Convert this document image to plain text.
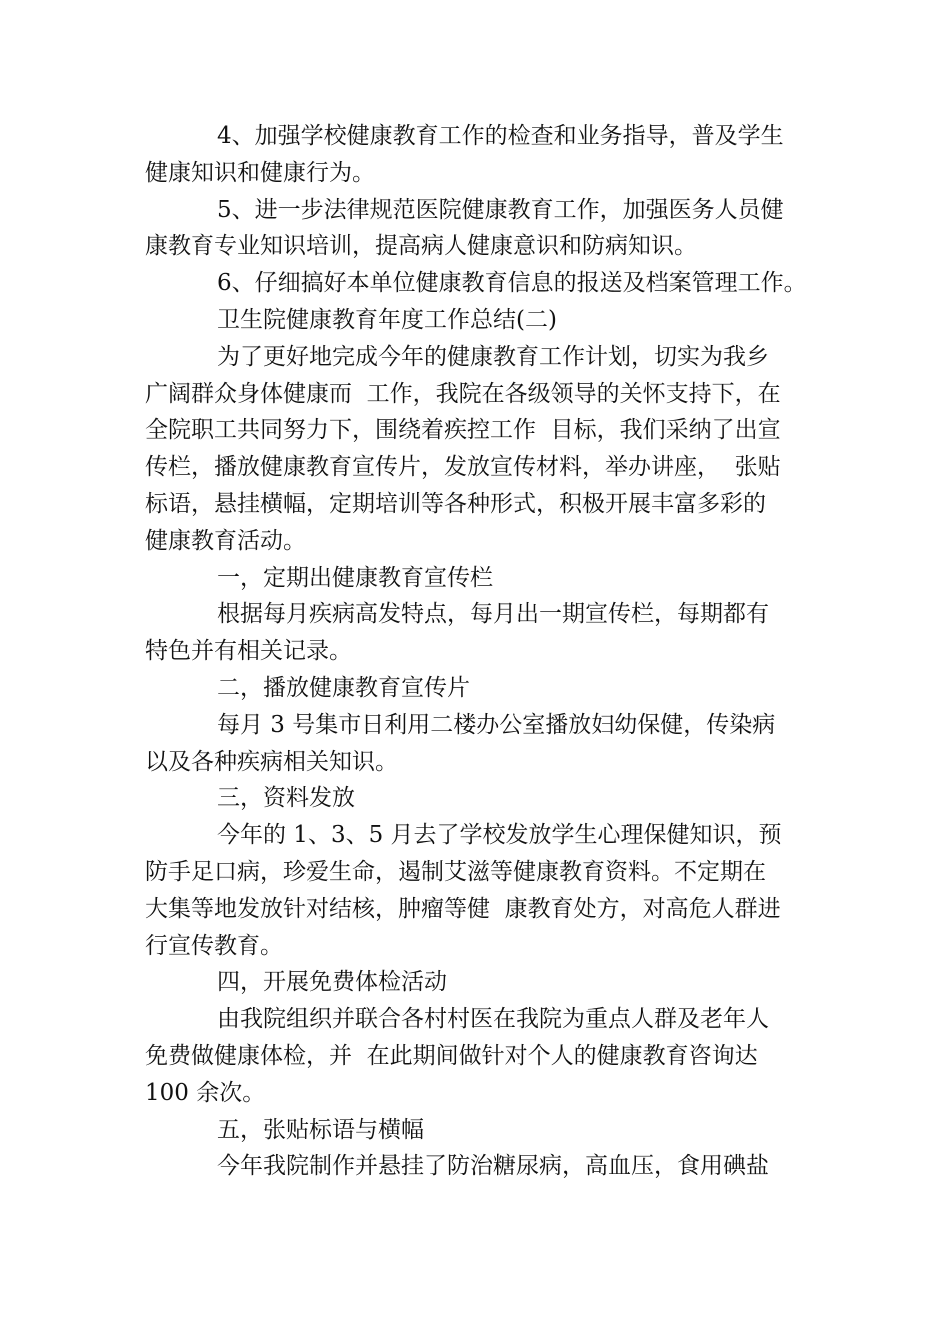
4、加强学校健康教育工作的检查和业务指导，普及学生
健康知识和健康行为。
5、进一步法律规范医院健康教育工作，加强医务人员健
康教育专业知识培训，提高病人健康意识和防病知识。
6、仔细搞好本单位健康教育信息的报送及档案管理工作。
卫生院健康教育年度工作总结(二)
为了更好地完成今年的健康教育工作计划，切实为我乡
广阔群众身体健康而  工作，我院在各级领导的关怀支持下，在
全院职工共同努力下，围绕着疾控工作  目标，我们采纳了出宣
传栏，播放健康教育宣传片，发放宣传材料，举办讲座，  张贴
标语，悬挂横幅，定期培训等各种形式，积极开展丰富多彩的
健康教育活动。
一，定期出健康教育宣传栏
根据每月疾病高发特点，每月出一期宣传栏，每期都有
特色并有相关记录。
二，播放健康教育宣传片
每月 3 号集市日利用二楼办公室播放妇幼保健，传染病
以及各种疾病相关知识。
三，资料发放
今年的 1、3、5 月去了学校发放学生心理保健知识，预
防手足口病，珍爱生命，遏制艾滋等健康教育资料。不定期在
大集等地发放针对结核，肿瘤等健  康教育处方，对高危人群进
行宣传教育。
四，开展免费体检活动
由我院组织并联合各村村医在我院为重点人群及老年人
免费做健康体检，并  在此期间做针对个人的健康教育咨询达
100 余次。
五，张贴标语与横幅
今年我院制作并悬挂了防治糖尿病，高血压，食用碘盐
